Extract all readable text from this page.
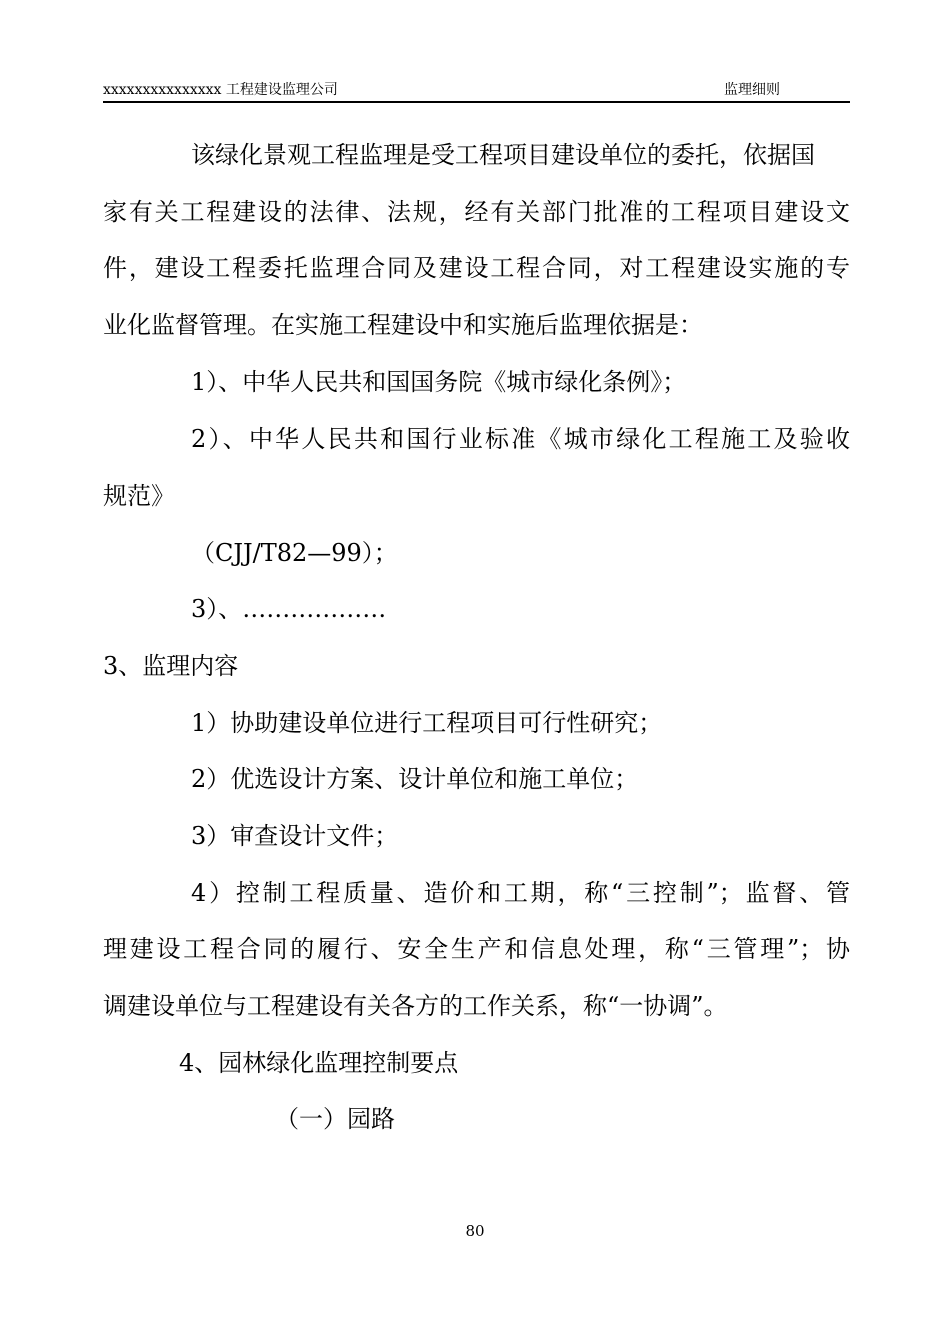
xxxxxxxxxxxxxxx 工程建设监理公司	监理细则
该绿化景观工程监理是受工程项目建设单位的委托，依据国
家有关工程建设的法律、法规，经有关部门批准的工程项目建设文
件，建设工程委托监理合同及建设工程合同，对工程建设实施的专
业化监督管理。在实施工程建设中和实施后监理依据是：
1）、中华人民共和国国务院《城市绿化条例》；
2）、中华人民共和国行业标准《城市绿化工程施工及验收
规范》
（CJJ/T82—99）；
3）、………………
3、监理内容
1）协助建设单位进行工程项目可行性研究；
2）优选设计方案、设计单位和施工单位；
3）审查设计文件；
4）控制工程质量、造价和工期，称“三控制”；监督、管
理建设工程合同的履行、安全生产和信息处理，称“三管理”；协
调建设单位与工程建设有关各方的工作关系，称“一协调”。
4、园林绿化监理控制要点
（一）园路
80
